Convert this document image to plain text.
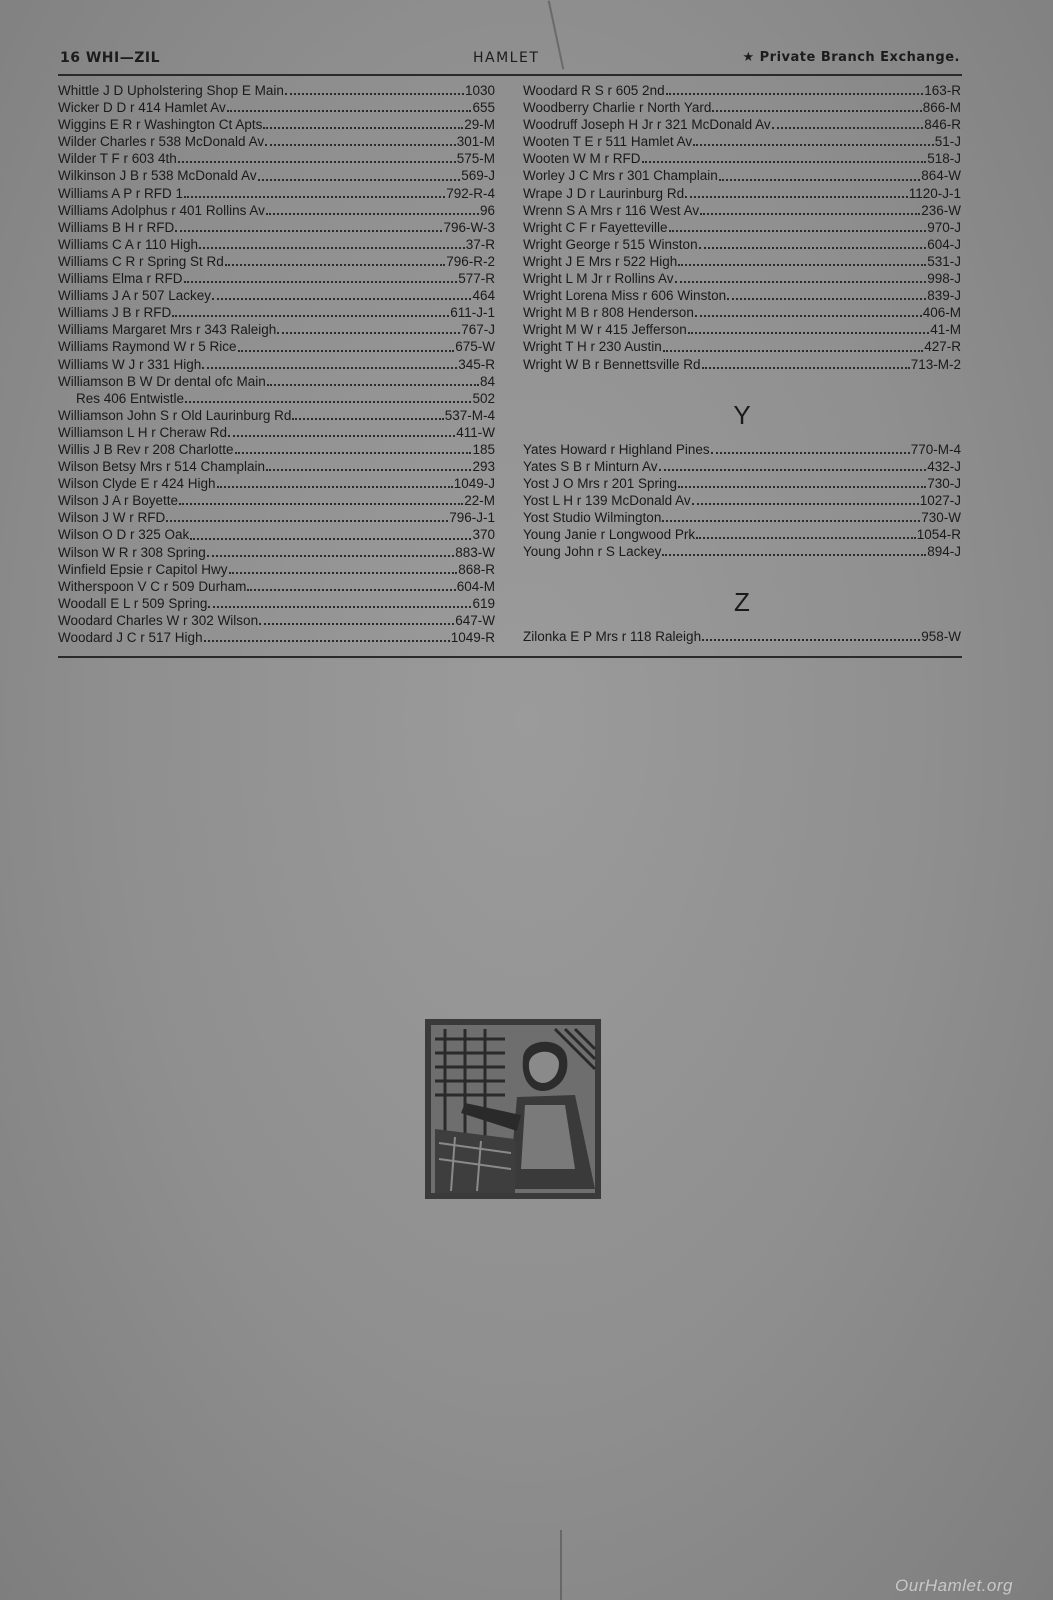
16 WHI—ZIL	HAMLET	★ Private Branch Exchange.
Whittle J D Upholstering Shop E Main	1030
Wicker D D r 414 Hamlet Av	655
Wiggins E R r Washington Ct Apts	29-M
Wilder Charles r 538 McDonald Av	301-M
Wilder T F r 603 4th	575-M
Wilkinson J B r 538 McDonald Av	569-J
Williams A P r RFD 1	792-R-4
Williams Adolphus r 401 Rollins Av	96
Williams B H r RFD	796-W-3
Williams C A r 110 High	37-R
Williams C R r Spring St Rd	796-R-2
Williams Elma r RFD	577-R
Williams J A r 507 Lackey	464
Williams J B r RFD	611-J-1
Williams Margaret Mrs r 343 Raleigh	767-J
Williams Raymond W r 5 Rice	675-W
Williams W J r 331 High	345-R
Williamson B W Dr dental ofc Main	84
Res 406 Entwistle	502
Williamson John S r Old Laurinburg Rd	537-M-4
Williamson L H r Cheraw Rd	411-W
Willis J B Rev r 208 Charlotte	185
Wilson Betsy Mrs r 514 Champlain	293
Wilson Clyde E r 424 High	1049-J
Wilson J A r Boyette	22-M
Wilson J W r RFD	796-J-1
Wilson O D r 325 Oak	370
Wilson W R r 308 Spring	883-W
Winfield Epsie r Capitol Hwy	868-R
Witherspoon V C r 509 Durham	604-M
Woodall E L r 509 Spring	619
Woodard Charles W r 302 Wilson	647-W
Woodard J C r 517 High	1049-R
Woodard R S r 605 2nd	163-R
Woodberry Charlie r North Yard	866-M
Woodruff Joseph H Jr r 321 McDonald Av	846-R
Wooten T E r 511 Hamlet Av	51-J
Wooten W M r RFD	518-J
Worley J C Mrs r 301 Champlain	864-W
Wrape J D r Laurinburg Rd	1120-J-1
Wrenn S A Mrs r 116 West Av	236-W
Wright C F r Fayetteville	970-J
Wright George r 515 Winston	604-J
Wright J E Mrs r 522 High	531-J
Wright L M Jr r Rollins Av	998-J
Wright Lorena Miss r 606 Winston	839-J
Wright M B r 808 Henderson	406-M
Wright M W r 415 Jefferson	41-M
Wright T H r 230 Austin	427-R
Wright W B r Bennettsville Rd	713-M-2
Y
Yates Howard r Highland Pines	770-M-4
Yates S B r Minturn Av	432-J
Yost J O Mrs r 201 Spring	730-J
Yost L H r 139 McDonald Av	1027-J
Yost Studio Wilmington	730-W
Young Janie r Longwood Prk	1054-R
Young John r S Lackey	894-J
Z
Zilonka E P Mrs r 118 Raleigh	958-W
OurHamlet.org
